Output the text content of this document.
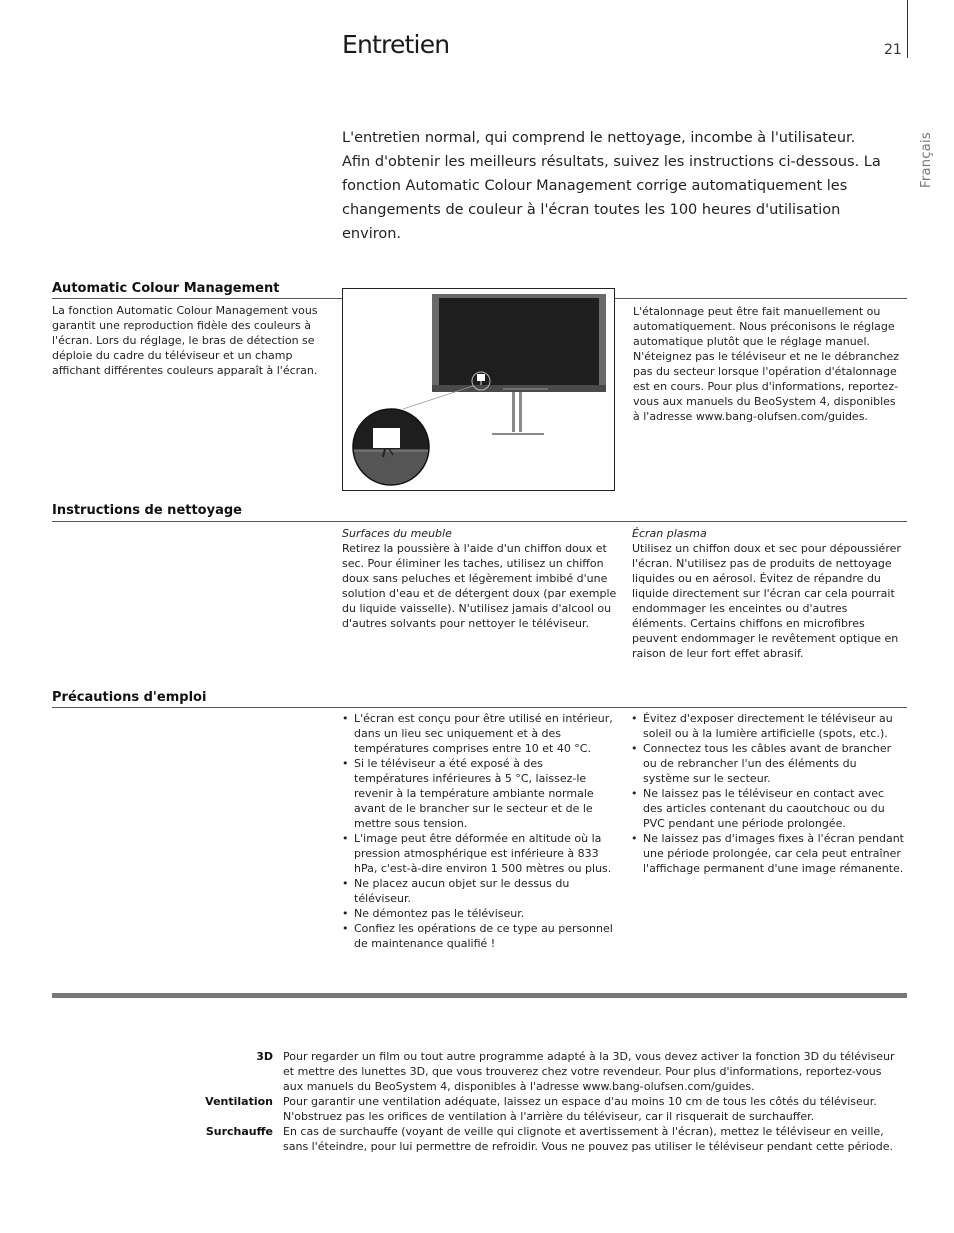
Entretien	21
Français

L'entretien normal, qui comprend le nettoyage, incombe à l'utilisateur. Afin d'obtenir les meilleurs résultats, suivez les instructions ci-dessous. La fonction Automatic Colour Management corrige automatiquement les changements de couleur à l'écran toutes les 100 heures d'utilisation environ.

Automatic Colour Management

La fonction Automatic Colour Management vous garantit une reproduction fidèle des couleurs à l'écran. Lors du réglage, le bras de détection se déploie du cadre du téléviseur et un champ affichant différentes couleurs apparaît à l'écran.

L'étalonnage peut être fait manuellement ou automatiquement. Nous préconisons le réglage automatique plutôt que le réglage manuel. N'éteignez pas le téléviseur et ne le débranchez pas du secteur lorsque l'opération d'étalonnage est en cours. Pour plus d'informations, reportez-vous aux manuels du BeoSystem 4, disponibles à l'adresse www.bang-olufsen.com/guides.

Instructions de nettoyage

Surfaces du meuble

Retirez la poussière à l'aide d'un chiffon doux et sec. Pour éliminer les taches, utilisez un chiffon doux sans peluches et légèrement imbibé d'une solution d'eau et de détergent doux (par exemple du liquide vaisselle). N'utilisez jamais d'alcool ou d'autres solvants pour nettoyer le téléviseur.

Écran plasma

Utilisez un chiffon doux et sec pour dépoussiérer l'écran. N'utilisez pas de produits de nettoyage liquides ou en aérosol. Évitez de répandre du liquide directement sur l'écran car cela pourrait endommager les enceintes ou d'autres éléments. Certains chiffons en microfibres peuvent endommager le revêtement optique en raison de leur fort effet abrasif.

Précautions d'emploi
• L'écran est conçu pour être utilisé en intérieur, dans un lieu sec uniquement et à des températures comprises entre 10 et 40 °C.
• Si le téléviseur a été exposé à des températures inférieures à 5 °C, laissez-le revenir à la température ambiante normale avant de le brancher sur le secteur et de le mettre sous tension.
• L'image peut être déformée en altitude où la pression atmosphérique est inférieure à 833 hPa, c'est-à-dire environ 1 500 mètres ou plus.
• Ne placez aucun objet sur le dessus du téléviseur.
• Ne démontez pas le téléviseur.
• Confiez les opérations de ce type au personnel de maintenance qualifié !
• Évitez d'exposer directement le téléviseur au soleil ou à la lumière artificielle (spots, etc.).
• Connectez tous les câbles avant de brancher ou de rebrancher l'un des éléments du système sur le secteur.
• Ne laissez pas le téléviseur en contact avec des articles contenant du caoutchouc ou du PVC pendant une période prolongée.
• Ne laissez pas d'images fixes à l'écran pendant une période prolongée, car cela peut entraîner l'affichage permanent d'une image rémanente.
3D Pour regarder un film ou tout autre programme adapté à la 3D, vous devez activer la fonction 3D du téléviseur et mettre des lunettes 3D, que vous trouverez chez votre revendeur. Pour plus d'informations, reportez-vous aux manuels du BeoSystem 4, disponibles à l'adresse www.bang-olufsen.com/guides.
Ventilation Pour garantir une ventilation adéquate, laissez un espace d'au moins 10 cm de tous les côtés du téléviseur. N'obstruez pas les orifices de ventilation à l'arrière du téléviseur, car il risquerait de surchauffer.
Surchauffe En cas de surchauffe (voyant de veille qui clignote et avertissement à l'écran), mettez le téléviseur en veille, sans l'éteindre, pour lui permettre de refroidir. Vous ne pouvez pas utiliser le téléviseur pendant cette période.
